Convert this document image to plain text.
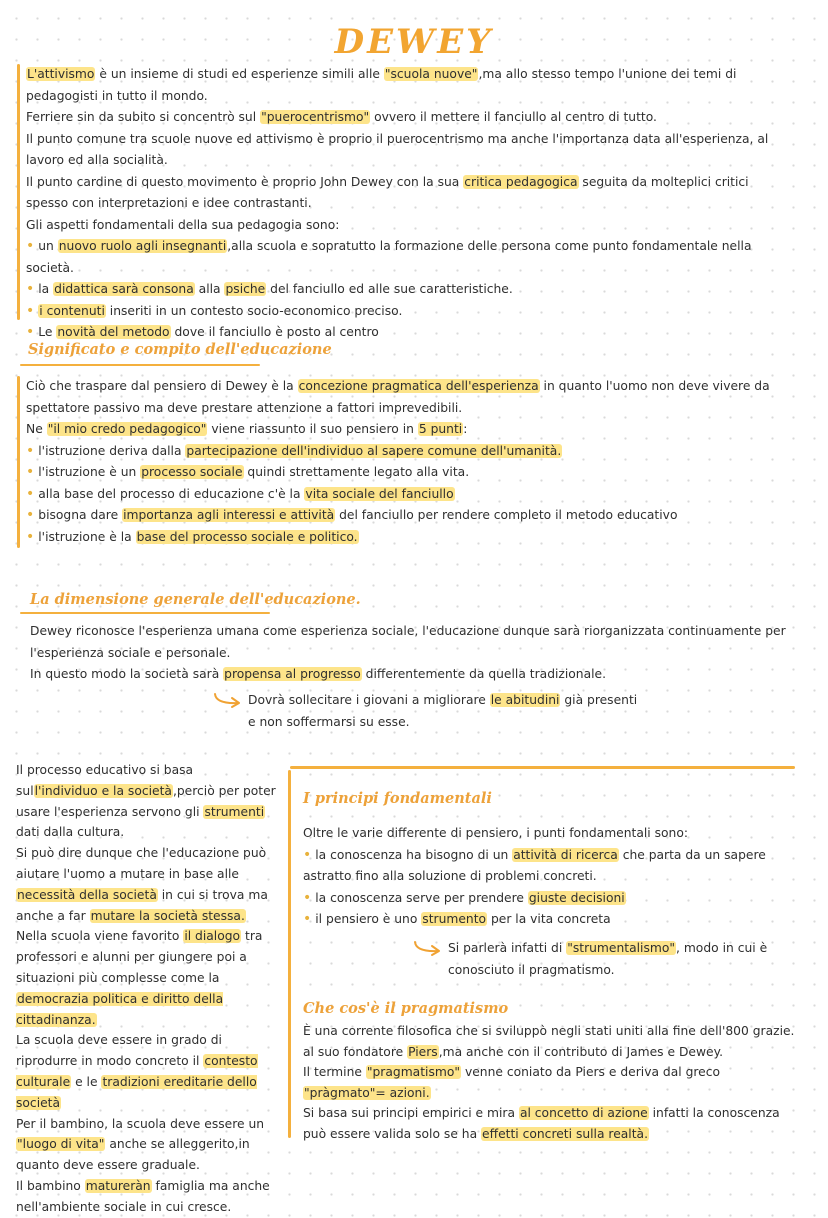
DEWEY

L'attivismo è un insieme di studi ed esperienze simili alle "scuola nuove",ma allo stesso tempo l'unione dei temi di pedagogisti in tutto il mondo.

Ferriere sin da subito si concentrò sul "puerocentrismo" ovvero il mettere il fanciullo al centro di tutto.

Il punto comune tra scuole nuove ed attivismo è proprio il puerocentrismo ma anche l'importanza data all'esperienza, al lavoro ed alla socialità.

Il punto cardine di questo movimento è proprio John Dewey con la sua critica pedagogica seguita da molteplici critici spesso con interpretazioni e idee contrastanti.

Gli aspetti fondamentali della sua pedagogia sono:

• un nuovo ruolo agli insegnanti,alla scuola e sopratutto la formazione delle persona come punto fondamentale nella società.

• la didattica sarà consona alla psiche del fanciullo ed alle sue caratteristiche.

• i contenuti inseriti in un contesto socio-economico preciso.

• Le novità del metodo dove il fanciullo è posto al centro

Significato e compito dell'educazione

Ciò che traspare dal pensiero di Dewey è la concezione pragmatica dell'esperienza in quanto l'uomo non deve vivere da spettatore passivo ma deve prestare attenzione a fattori imprevedibili.

Ne "il mio credo pedagogico" viene riassunto il suo pensiero in 5 punti:

• l'istruzione deriva dalla partecipazione dell'individuo al sapere comune dell'umanità.

• l'istruzione è un processo sociale quindi strettamente legato alla vita.

• alla base del processo di educazione c'è la vita sociale del fanciullo

• bisogna dare importanza agli interessi e attività del fanciullo per rendere completo il metodo educativo

• l'istruzione è la base del processo sociale e politico.

La dimensione generale dell'educazione.

Dewey riconosce l'esperienza umana come esperienza sociale, l'educazione dunque sarà riorganizzata continuamente per l'esperienza sociale e personale.

In questo modo la società sarà propensa al progresso differentemente da quella tradizionale.

Dovrà sollecitare i giovani a migliorare le abitudini già presenti

e non soffermarsi su esse.

Il processo educativo si basa sull'individuo e la società,perciò per poter usare l'esperienza servono gli strumenti dati dalla cultura.

Si può dire dunque che l'educazione può aiutare l'uomo a mutare in base alle necessità della società in cui si trova ma anche a far mutare la società stessa.

Nella scuola viene favorito il dialogo tra professori e alunni per giungere poi a situazioni più complesse come la democrazia politica e diritto della cittadinanza.

La scuola deve essere in grado di riprodurre in modo concreto il contesto culturale e le tradizioni ereditarie dello società

Per il bambino, la scuola deve essere un "luogo di vita" anche se alleggerito,in quanto deve essere graduale.

Il bambino matureràn famiglia ma anche nell'ambiente sociale in cui cresce.

I principi fondamentali

Oltre le varie differente di pensiero, i punti fondamentali sono:

• la conoscenza ha bisogno di un attività di ricerca che parta da un sapere astratto fino alla soluzione di problemi concreti.

• la conoscenza serve per prendere giuste decisioni

• il pensiero è uno strumento per la vita concreta

Si parlerà infatti di "strumentalismo", modo in cui è

conosciuto il pragmatismo.

Che cos'è il pragmatismo

È una corrente filosofica che si sviluppò negli stati uniti alla fine dell'800 grazie. al suo fondatore Piers,ma anche con il contributo di James e Dewey.

Il termine "pragmatismo" venne coniato da Piers e deriva dal greco "pràgmato"= azioni.

Si basa sui principi empirici e mira al concetto di azione infatti la conoscenza può essere valida solo se ha effetti concreti sulla realtà.
